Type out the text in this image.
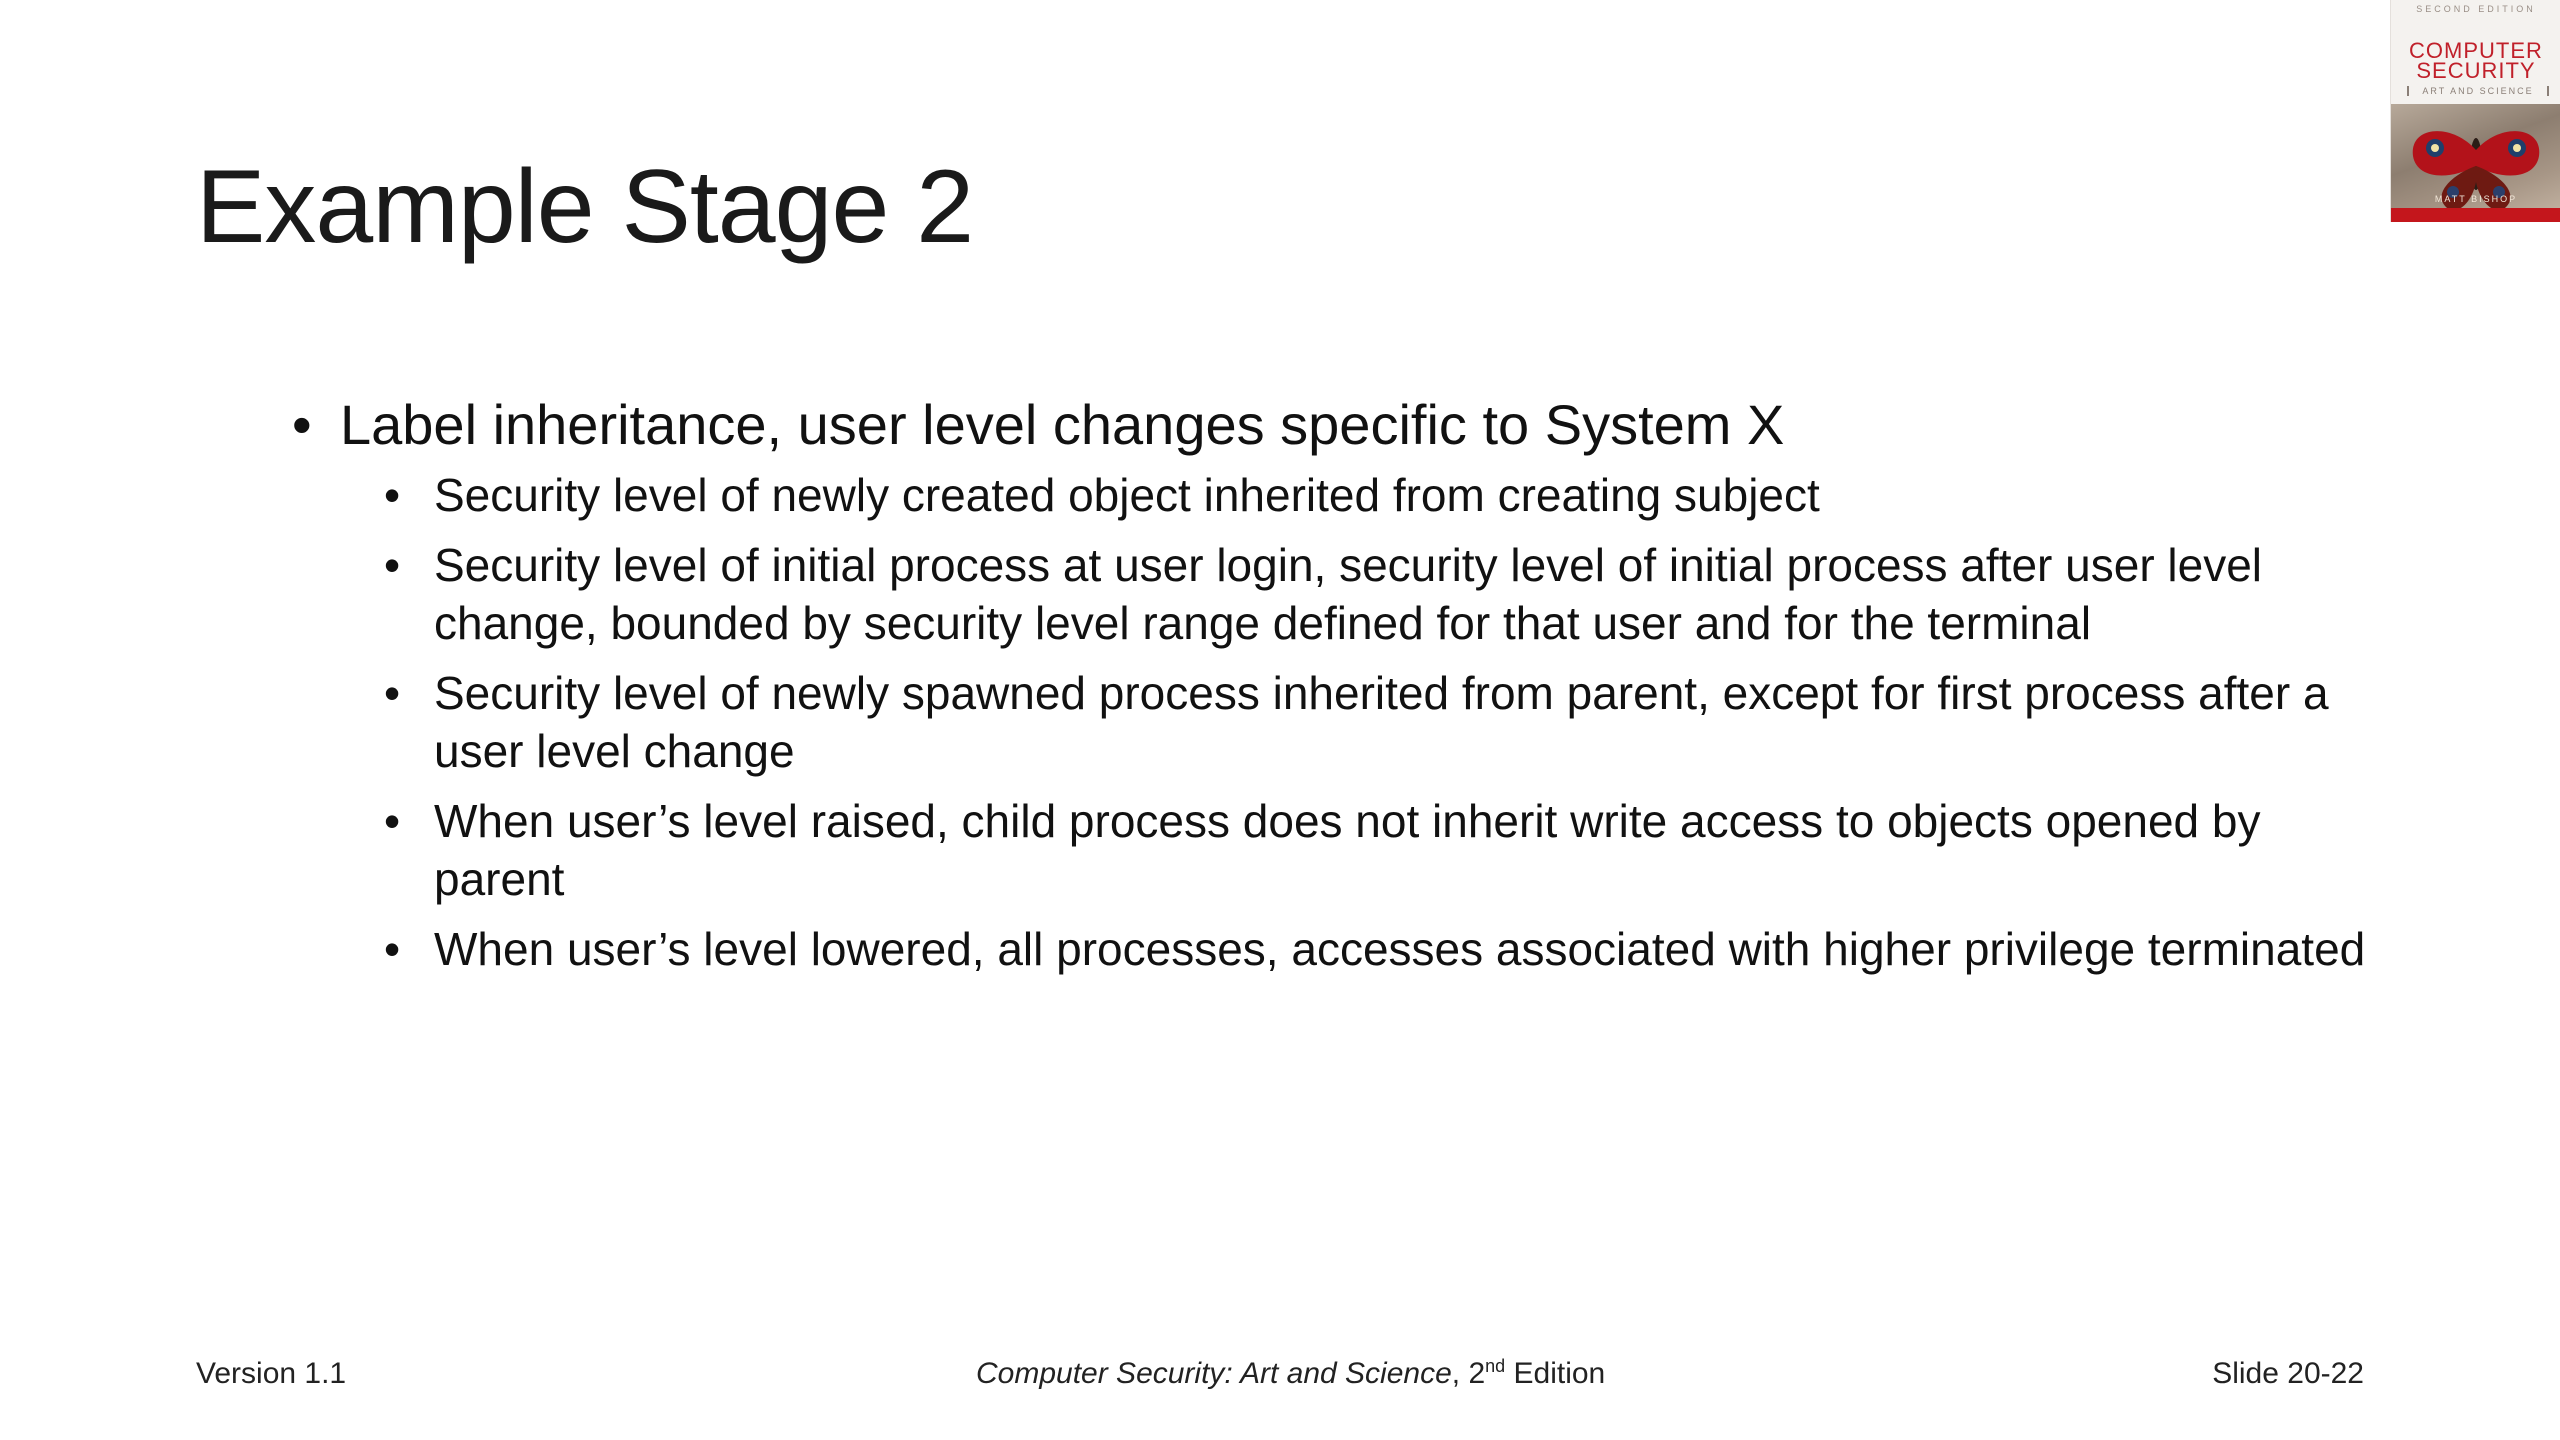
Example Stage 2
• Label inheritance, user level changes specific to System X
• Security level of newly created object inherited from creating subject
• Security level of initial process at user login, security level of initial process after user level change, bounded by security level range defined for that user and for the terminal
• Security level of newly spawned process inherited from parent, except for first process after a user level change
• When user’s level raised, child process does not inherit write access to objects opened by parent
• When user’s level lowered, all processes, accesses associated with higher privilege terminated
SECOND EDITION
COMPUTER
SECURITY
ART AND SCIENCE
MATT BISHOP
Version 1.1	Computer Security: Art and Science, 2nd Edition	Slide 20-22
